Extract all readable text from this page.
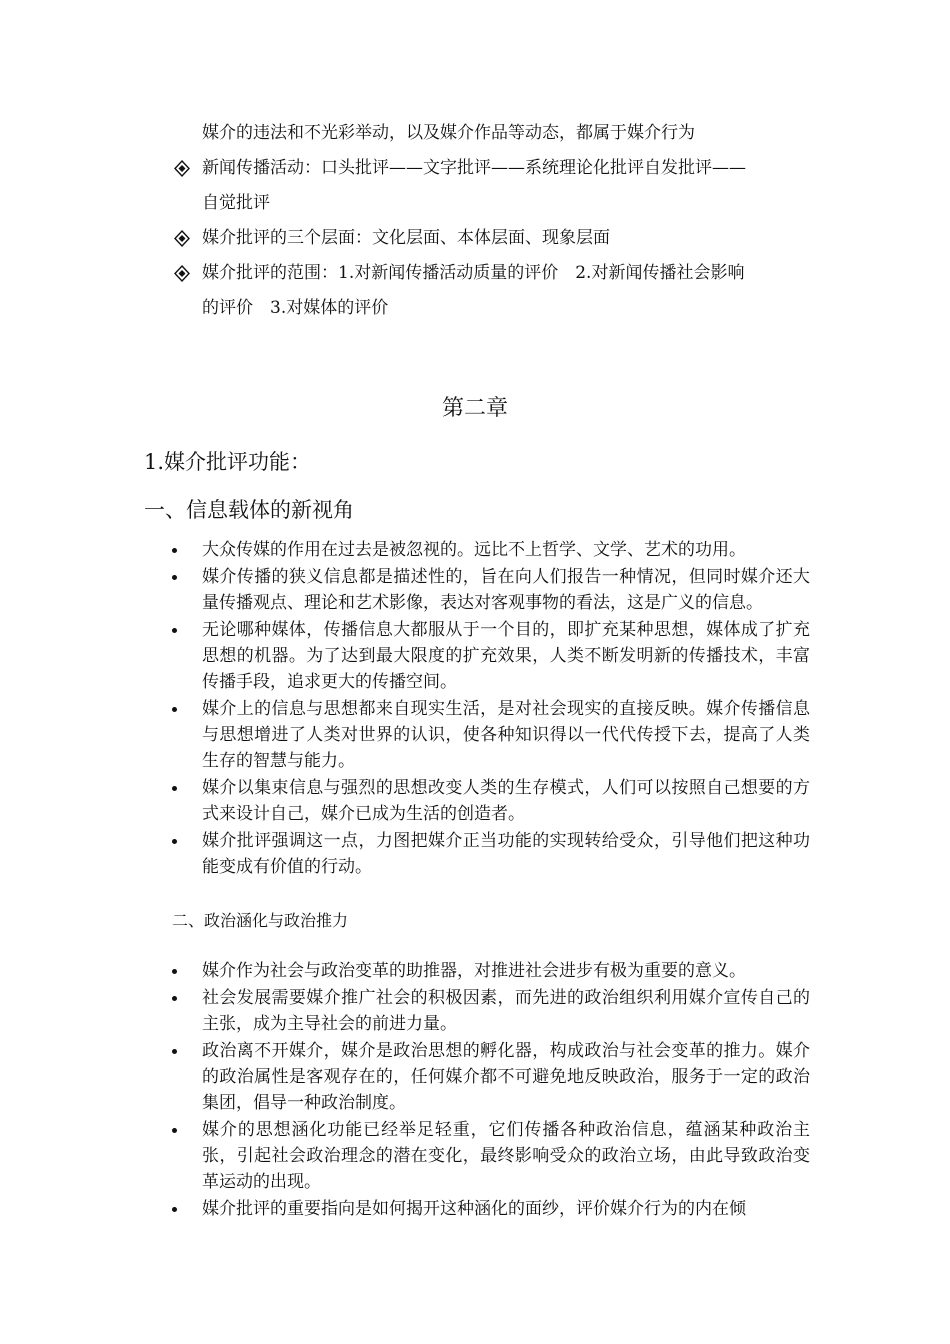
媒介的违法和不光彩举动，以及媒介作品等动态，都属于媒介行为
新闻传播活动：口头批评——文字批评——系统理论化批评自发批评——
自觉批评
媒介批评的三个层面：文化层面、本体层面、现象层面
媒介批评的范围：1.对新闻传播活动质量的评价　2.对新闻传播社会影响
的评价　3.对媒体的评价
第二章
1.媒介批评功能：
一、信息载体的新视角
大众传媒的作用在过去是被忽视的。远比不上哲学、文学、艺术的功用。
媒介传播的狭义信息都是描述性的，旨在向人们报告一种情况，但同时媒介还大量传播观点、理论和艺术影像，表达对客观事物的看法，这是广义的信息。
无论哪种媒体，传播信息大都服从于一个目的，即扩充某种思想，媒体成了扩充思想的机器。为了达到最大限度的扩充效果，人类不断发明新的传播技术，丰富传播手段，追求更大的传播空间。
媒介上的信息与思想都来自现实生活，是对社会现实的直接反映。媒介传播信息与思想增进了人类对世界的认识，使各种知识得以一代代传授下去，提高了人类生存的智慧与能力。
媒介以集束信息与强烈的思想改变人类的生存模式，人们可以按照自己想要的方式来设计自己，媒介已成为生活的创造者。
媒介批评强调这一点，力图把媒介正当功能的实现转给受众，引导他们把这种功能变成有价值的行动。
二、政治涵化与政治推力
媒介作为社会与政治变革的助推器，对推进社会进步有极为重要的意义。
社会发展需要媒介推广社会的积极因素，而先进的政治组织利用媒介宣传自己的主张，成为主导社会的前进力量。
政治离不开媒介，媒介是政治思想的孵化器，构成政治与社会变革的推力。媒介的政治属性是客观存在的，任何媒介都不可避免地反映政治，服务于一定的政治集团，倡导一种政治制度。
媒介的思想涵化功能已经举足轻重，它们传播各种政治信息，蕴涵某种政治主张，引起社会政治理念的潜在变化，最终影响受众的政治立场，由此导致政治变革运动的出现。
媒介批评的重要指向是如何揭开这种涵化的面纱，评价媒介行为的内在倾
